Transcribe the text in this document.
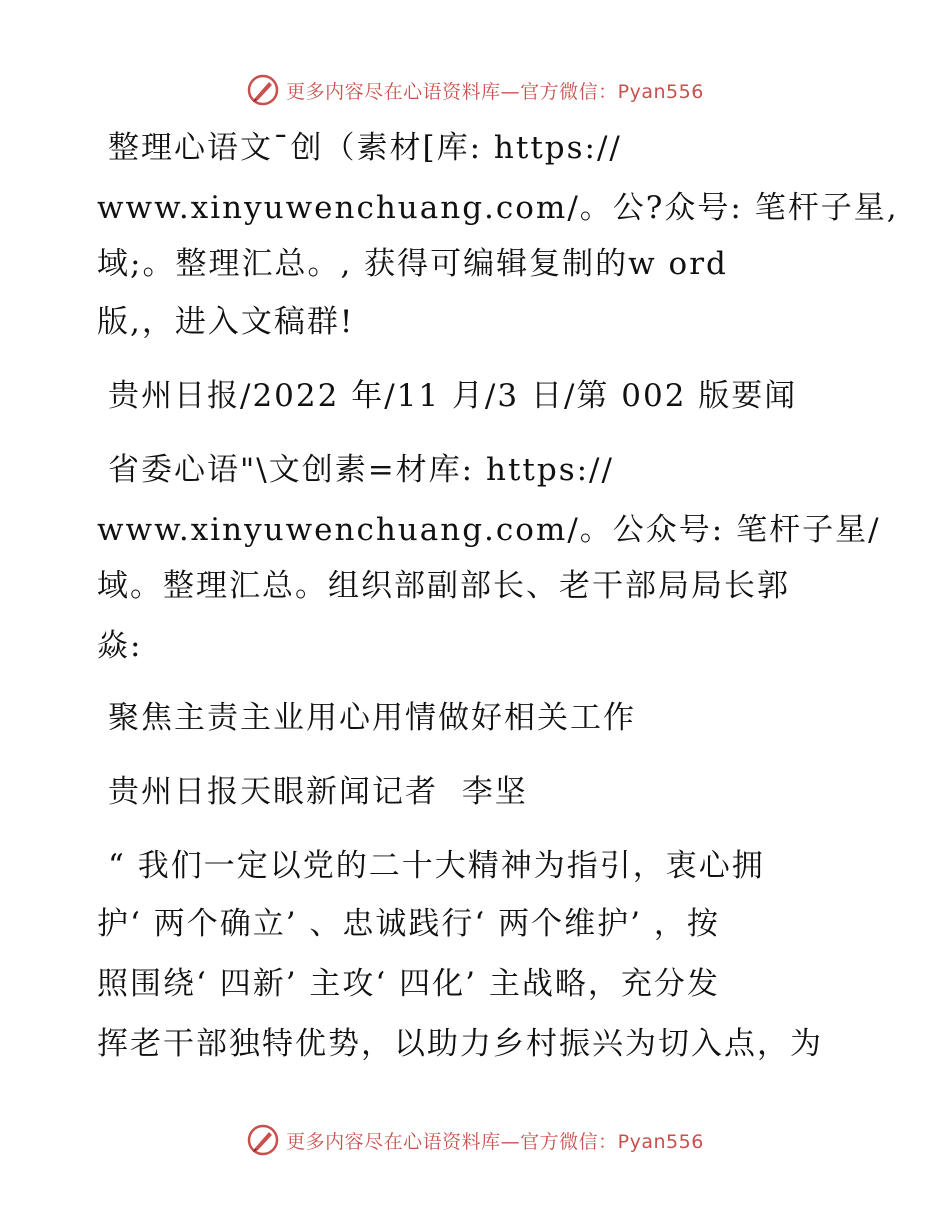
更多内容尽在心语资料库—官方微信：Pyan556
整理心语文¯创（素材[库: https://
www.xinyuwenchuang.com/。公?众号: 笔杆子星,
域;。整理汇总。, 获得可编辑复制的w ord
版,，进入文稿群!
贵州日报/2022 年/11 月/3 日/第 002 版要闻
省委心语"\文创素=材库: https://
www.xinyuwenchuang.com/。公众号: 笔杆子星/
域。整理汇总。组织部副部长、老干部局局长郭
焱:
聚焦主责主业用心用情做好相关工作
贵州日报天眼新闻记者  李坚
“ 我们一定以党的二十大精神为指引，衷心拥
护‘ 两个确立’ 、忠诚践行‘ 两个维护’ ，按
照围绕‘ 四新’ 主攻‘ 四化’ 主战略，充分发
挥老干部独特优势，以助力乡村振兴为切入点，为
更多内容尽在心语资料库—官方微信：Pyan556
